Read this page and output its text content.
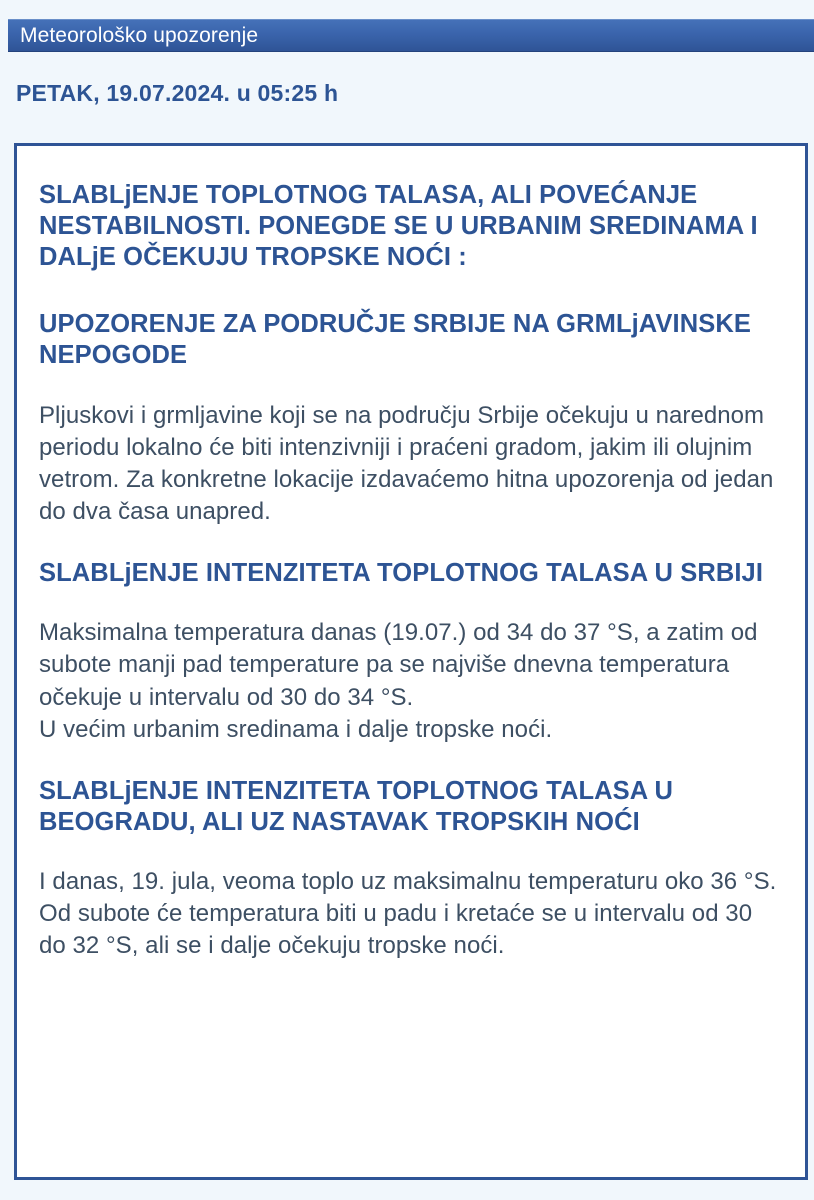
Meteorološko upozorenje
PETAK, 19.07.2024. u 05:25 h
SLABLjENJE TOPLOTNOG TALASA, ALI POVEĆANJE NESTABILNOSTI. PONEGDE SE U URBANIM SREDINAMA I DALjE OČEKUJU TROPSKE NOĆI :
UPOZORENJE ZA PODRUČJE SRBIJE NA GRMLjAVINSKE NEPOGODE
Pljuskovi i grmljavine koji se na području Srbije očekuju u narednom periodu lokalno će biti intenzivniji i praćeni gradom, jakim ili olujnim vetrom. Za konkretne lokacije izdavaćemo hitna upozorenja od jedan do dva časa unapred.
SLABLjENJE INTENZITETA TOPLOTNOG TALASA U SRBIJI
Maksimalna temperatura danas (19.07.) od 34 do 37 °S, a zatim od subote manji pad temperature pa se najviše dnevna temperatura očekuje u intervalu od 30 do 34 °S.
U većim urbanim sredinama i dalje tropske noći.
SLABLjENJE INTENZITETA TOPLOTNOG TALASA U BEOGRADU, ALI UZ NASTAVAK TROPSKIH NOĆI
I danas, 19. jula, veoma toplo uz maksimalnu temperaturu oko 36 °S.
Od subote će temperatura biti u padu i kretaće se u intervalu od 30 do 32 °S, ali se i dalje očekuju tropske noći.
